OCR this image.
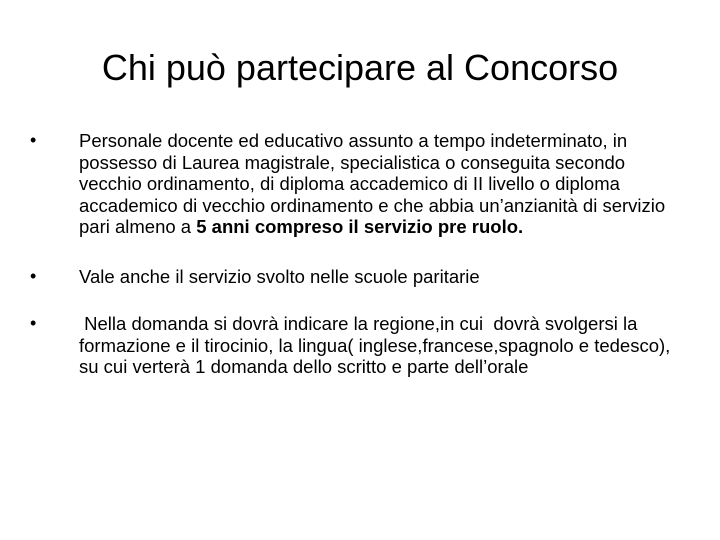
Chi può partecipare al Concorso
•	Personale docente ed educativo assunto a tempo indeterminato, in possesso di Laurea magistrale, specialistica o conseguita secondo vecchio ordinamento, di diploma accademico di II livello o diploma accademico di vecchio ordinamento e che abbia un’anzianità di servizio pari almeno a 5 anni compreso il servizio pre ruolo.
•	Vale anche il servizio svolto nelle scuole paritarie
•	Nella domanda si dovrà indicare la regione,in cui  dovrà svolgersi la formazione e il tirocinio, la lingua( inglese,francese,spagnolo e tedesco), su cui verterà 1 domanda dello scritto e parte dell’orale
